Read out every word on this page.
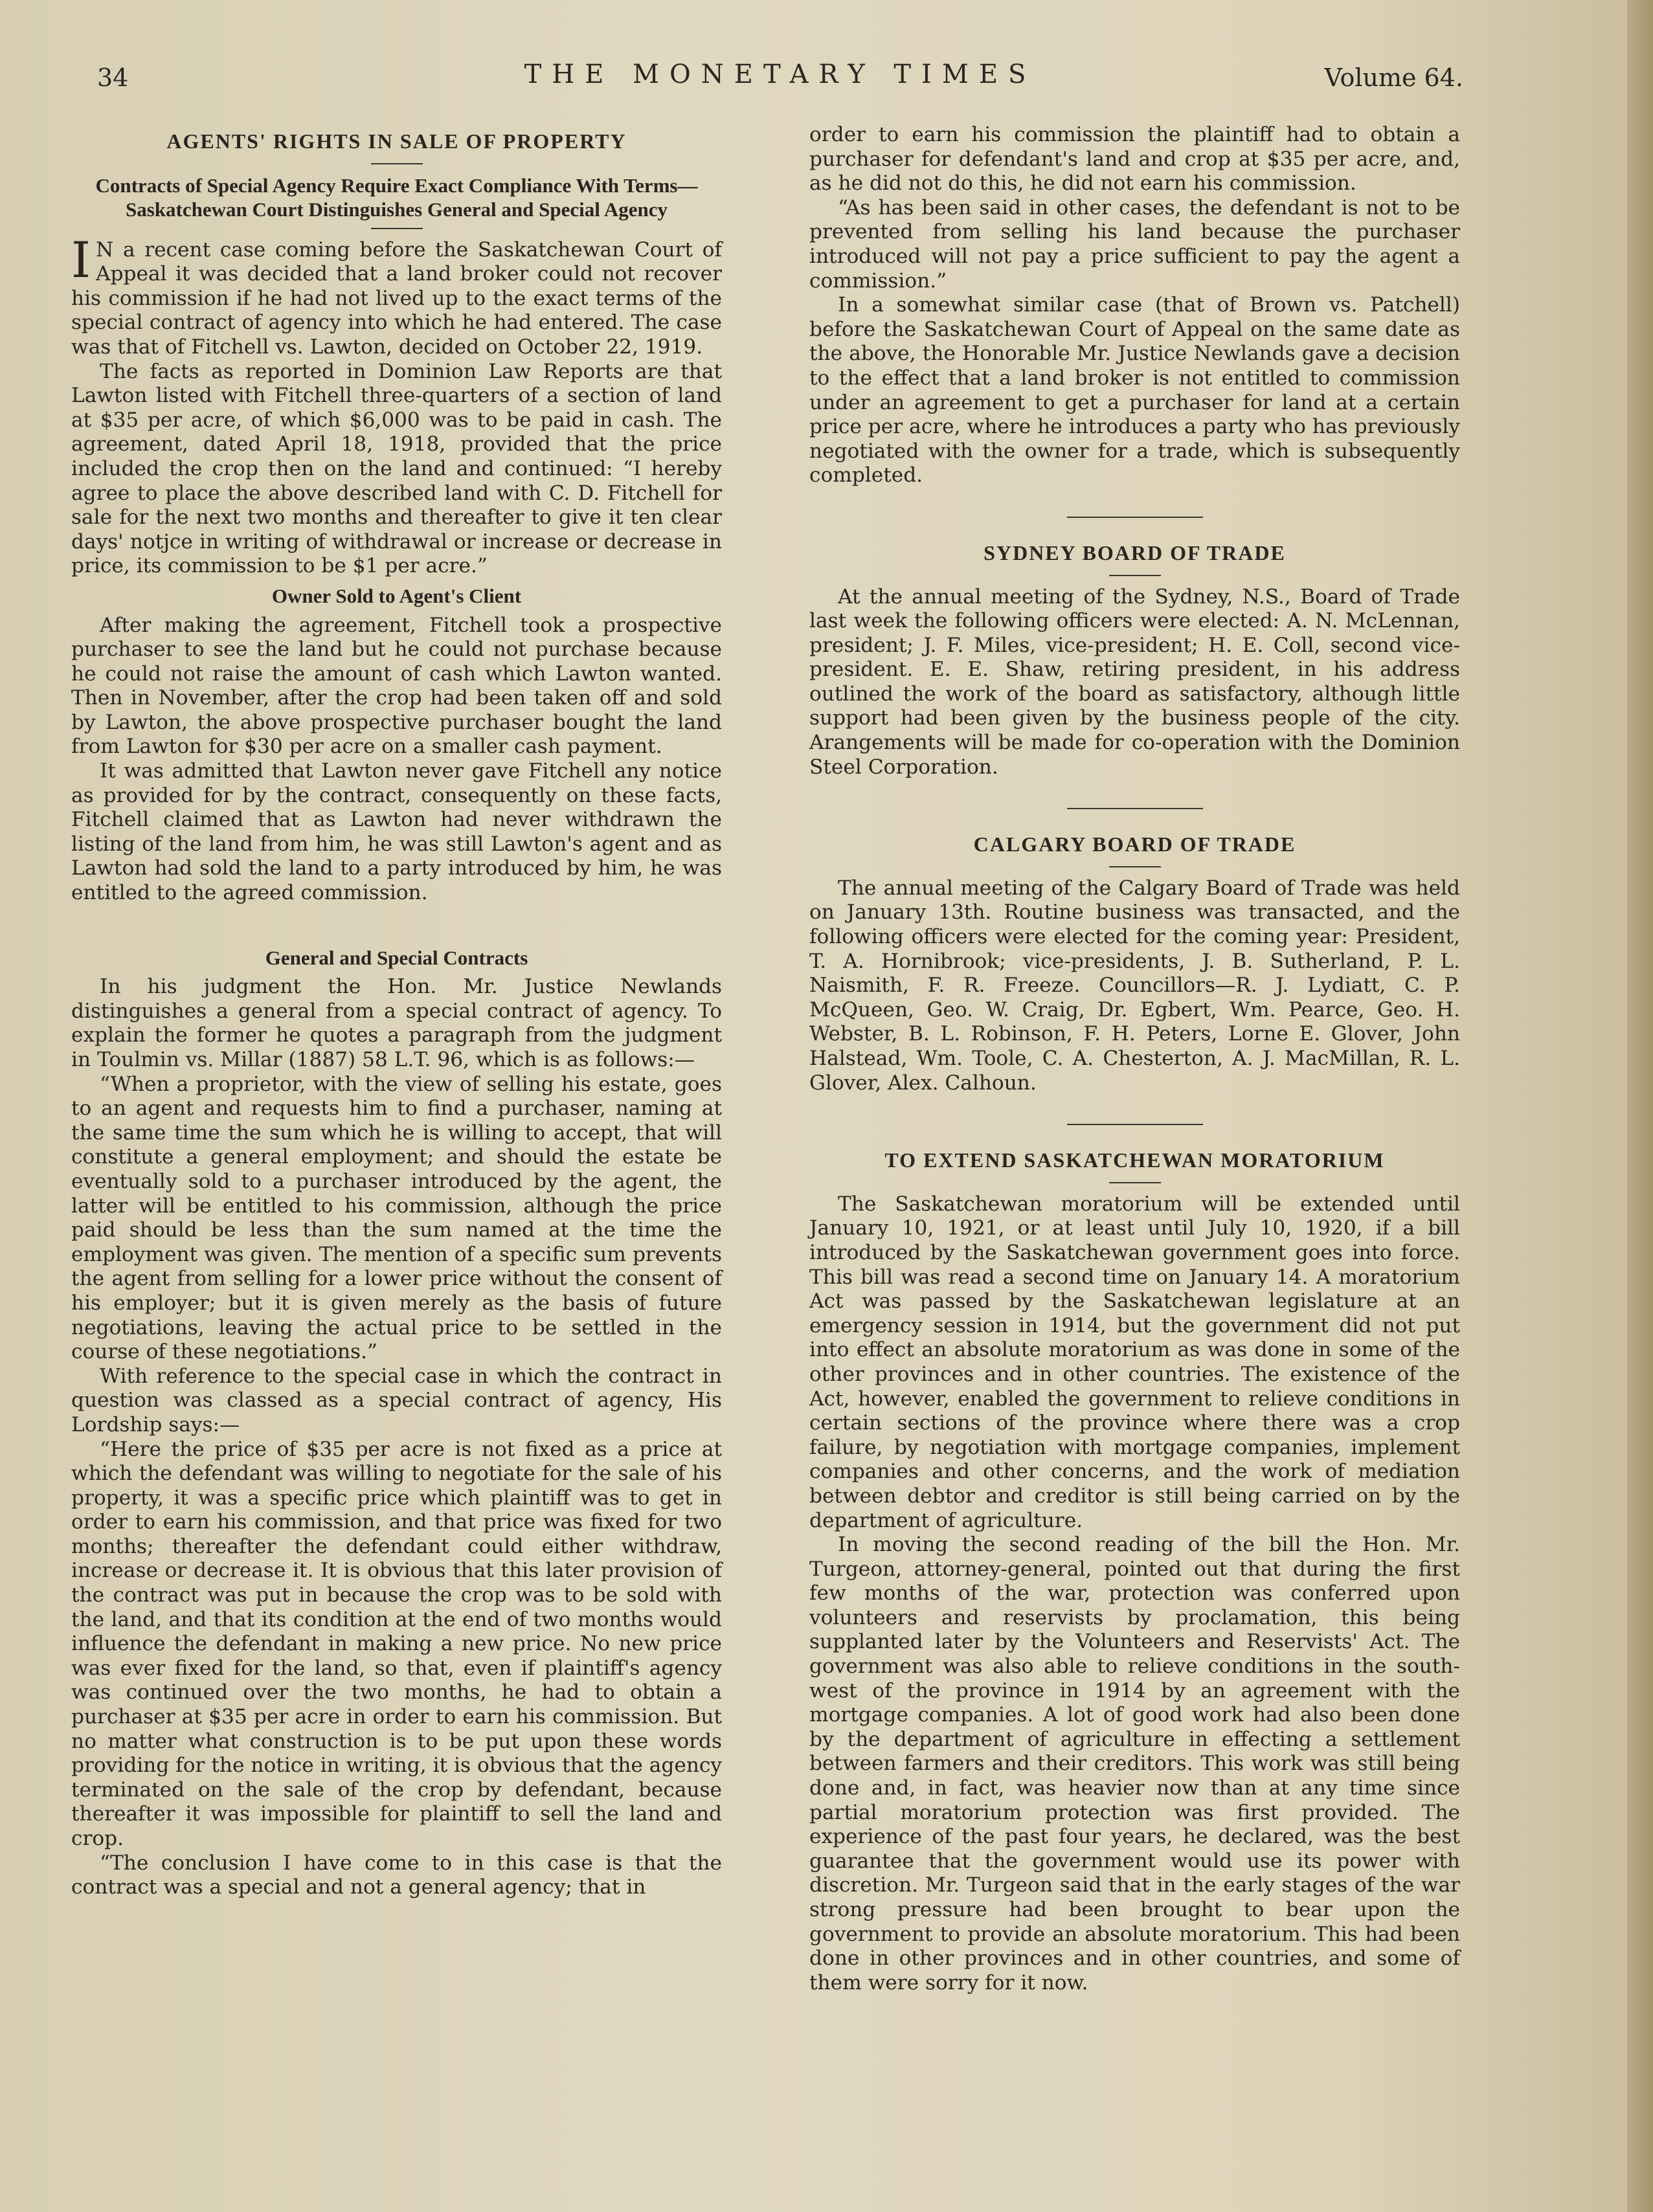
34	THE MONETARY TIMES	Volume 64.
AGENTS' RIGHTS IN SALE OF PROPERTY
Contracts of Special Agency Require Exact Compliance With Terms—Saskatchewan Court Distinguishes General and Special Agency

I N a recent case coming before the Saskatchewan Court of Appeal it was decided that a land broker could not recover his commission if he had not lived up to the exact terms of the special contract of agency into which he had entered. The case was that of Fitchell vs. Lawton, decided on October 22, 1919.

The facts as reported in Dominion Law Reports are that Lawton listed with Fitchell three-quarters of a section of land at $35 per acre, of which $6,000 was to be paid in cash. The agreement, dated April 18, 1918, provided that the price included the crop then on the land and continued: “I hereby agree to place the above described land with C. D. Fitchell for sale for the next two months and thereafter to give it ten clear days' notjce in writing of withdrawal or increase or decrease in price, its commission to be $1 per acre.”

Owner Sold to Agent's Client

After making the agreement, Fitchell took a prospective purchaser to see the land but he could not purchase because he could not raise the amount of cash which Lawton wanted. Then in November, after the crop had been taken off and sold by Lawton, the above prospective purchaser bought the land from Lawton for $30 per acre on a smaller cash payment.

It was admitted that Lawton never gave Fitchell any notice as provided for by the contract, consequently on these facts, Fitchell claimed that as Lawton had never withdrawn the listing of the land from him, he was still Lawton's agent and as Lawton had sold the land to a party introduced by him, he was entitled to the agreed commission.

General and Special Contracts

In his judgment the Hon. Mr. Justice Newlands distinguishes a general from a special contract of agency. To explain the former he quotes a paragraph from the judgment in Toulmin vs. Millar (1887) 58 L.T. 96, which is as follows:—

“When a proprietor, with the view of selling his estate, goes to an agent and requests him to find a purchaser, naming at the same time the sum which he is willing to accept, that will constitute a general employment; and should the estate be eventually sold to a purchaser introduced by the agent, the latter will be entitled to his commission, although the price paid should be less than the sum named at the time the employment was given. The mention of a specific sum prevents the agent from selling for a lower price without the consent of his employer; but it is given merely as the basis of future negotiations, leaving the actual price to be settled in the course of these negotiations.”

With reference to the special case in which the contract in question was classed as a special contract of agency, His Lordship says:—

“Here the price of $35 per acre is not fixed as a price at which the defendant was willing to negotiate for the sale of his property, it was a specific price which plaintiff was to get in order to earn his commission, and that price was fixed for two months; thereafter the defendant could either withdraw, increase or decrease it. It is obvious that this later provision of the contract was put in because the crop was to be sold with the land, and that its condition at the end of two months would influence the defendant in making a new price. No new price was ever fixed for the land, so that, even if plaintiff's agency was continued over the two months, he had to obtain a purchaser at $35 per acre in order to earn his commission. But no matter what construction is to be put upon these words providing for the notice in writing, it is obvious that the agency terminated on the sale of the crop by defendant, because thereafter it was impossible for plaintiff to sell the land and crop.

“The conclusion I have come to in this case is that the contract was a special and not a general agency; that in

order to earn his commission the plaintiff had to obtain a purchaser for defendant's land and crop at $35 per acre, and, as he did not do this, he did not earn his commission.

“As has been said in other cases, the defendant is not to be prevented from selling his land because the purchaser introduced will not pay a price sufficient to pay the agent a commission.”

In a somewhat similar case (that of Brown vs. Patchell) before the Saskatchewan Court of Appeal on the same date as the above, the Honorable Mr. Justice Newlands gave a decision to the effect that a land broker is not entitled to commission under an agreement to get a purchaser for land at a certain price per acre, where he introduces a party who has previously negotiated with the owner for a trade, which is subsequently completed.

SYDNEY BOARD OF TRADE

At the annual meeting of the Sydney, N.S., Board of Trade last week the following officers were elected: A. N. McLennan, president; J. F. Miles, vice-president; H. E. Coll, second vice-president. E. E. Shaw, retiring president, in his address outlined the work of the board as satisfactory, although little support had been given by the business people of the city. Arangements will be made for co-operation with the Dominion Steel Corporation.

CALGARY BOARD OF TRADE

The annual meeting of the Calgary Board of Trade was held on January 13th. Routine business was transacted, and the following officers were elected for the coming year: President, T. A. Hornibrook; vice-presidents, J. B. Sutherland, P. L. Naismith, F. R. Freeze. Councillors—R. J. Lydiatt, C. P. McQueen, Geo. W. Craig, Dr. Egbert, Wm. Pearce, Geo. H. Webster, B. L. Robinson, F. H. Peters, Lorne E. Glover, John Halstead, Wm. Toole, C. A. Chesterton, A. J. MacMillan, R. L. Glover, Alex. Calhoun.

TO EXTEND SASKATCHEWAN MORATORIUM

The Saskatchewan moratorium will be extended until January 10, 1921, or at least until July 10, 1920, if a bill introduced by the Saskatchewan government goes into force. This bill was read a second time on January 14. A moratorium Act was passed by the Saskatchewan legislature at an emergency session in 1914, but the government did not put into effect an absolute moratorium as was done in some of the other provinces and in other countries. The existence of the Act, however, enabled the government to relieve conditions in certain sections of the province where there was a crop failure, by negotiation with mortgage companies, implement companies and other concerns, and the work of mediation between debtor and creditor is still being carried on by the department of agriculture.

In moving the second reading of the bill the Hon. Mr. Turgeon, attorney-general, pointed out that during the first few months of the war, protection was conferred upon volunteers and reservists by proclamation, this being supplanted later by the Volunteers and Reservists' Act. The government was also able to relieve conditions in the south-west of the province in 1914 by an agreement with the mortgage companies. A lot of good work had also been done by the department of agriculture in effecting a settlement between farmers and their creditors. This work was still being done and, in fact, was heavier now than at any time since partial moratorium protection was first provided. The experience of the past four years, he declared, was the best guarantee that the government would use its power with discretion. Mr. Turgeon said that in the early stages of the war strong pressure had been brought to bear upon the government to provide an absolute moratorium. This had been done in other provinces and in other countries, and some of them were sorry for it now.
